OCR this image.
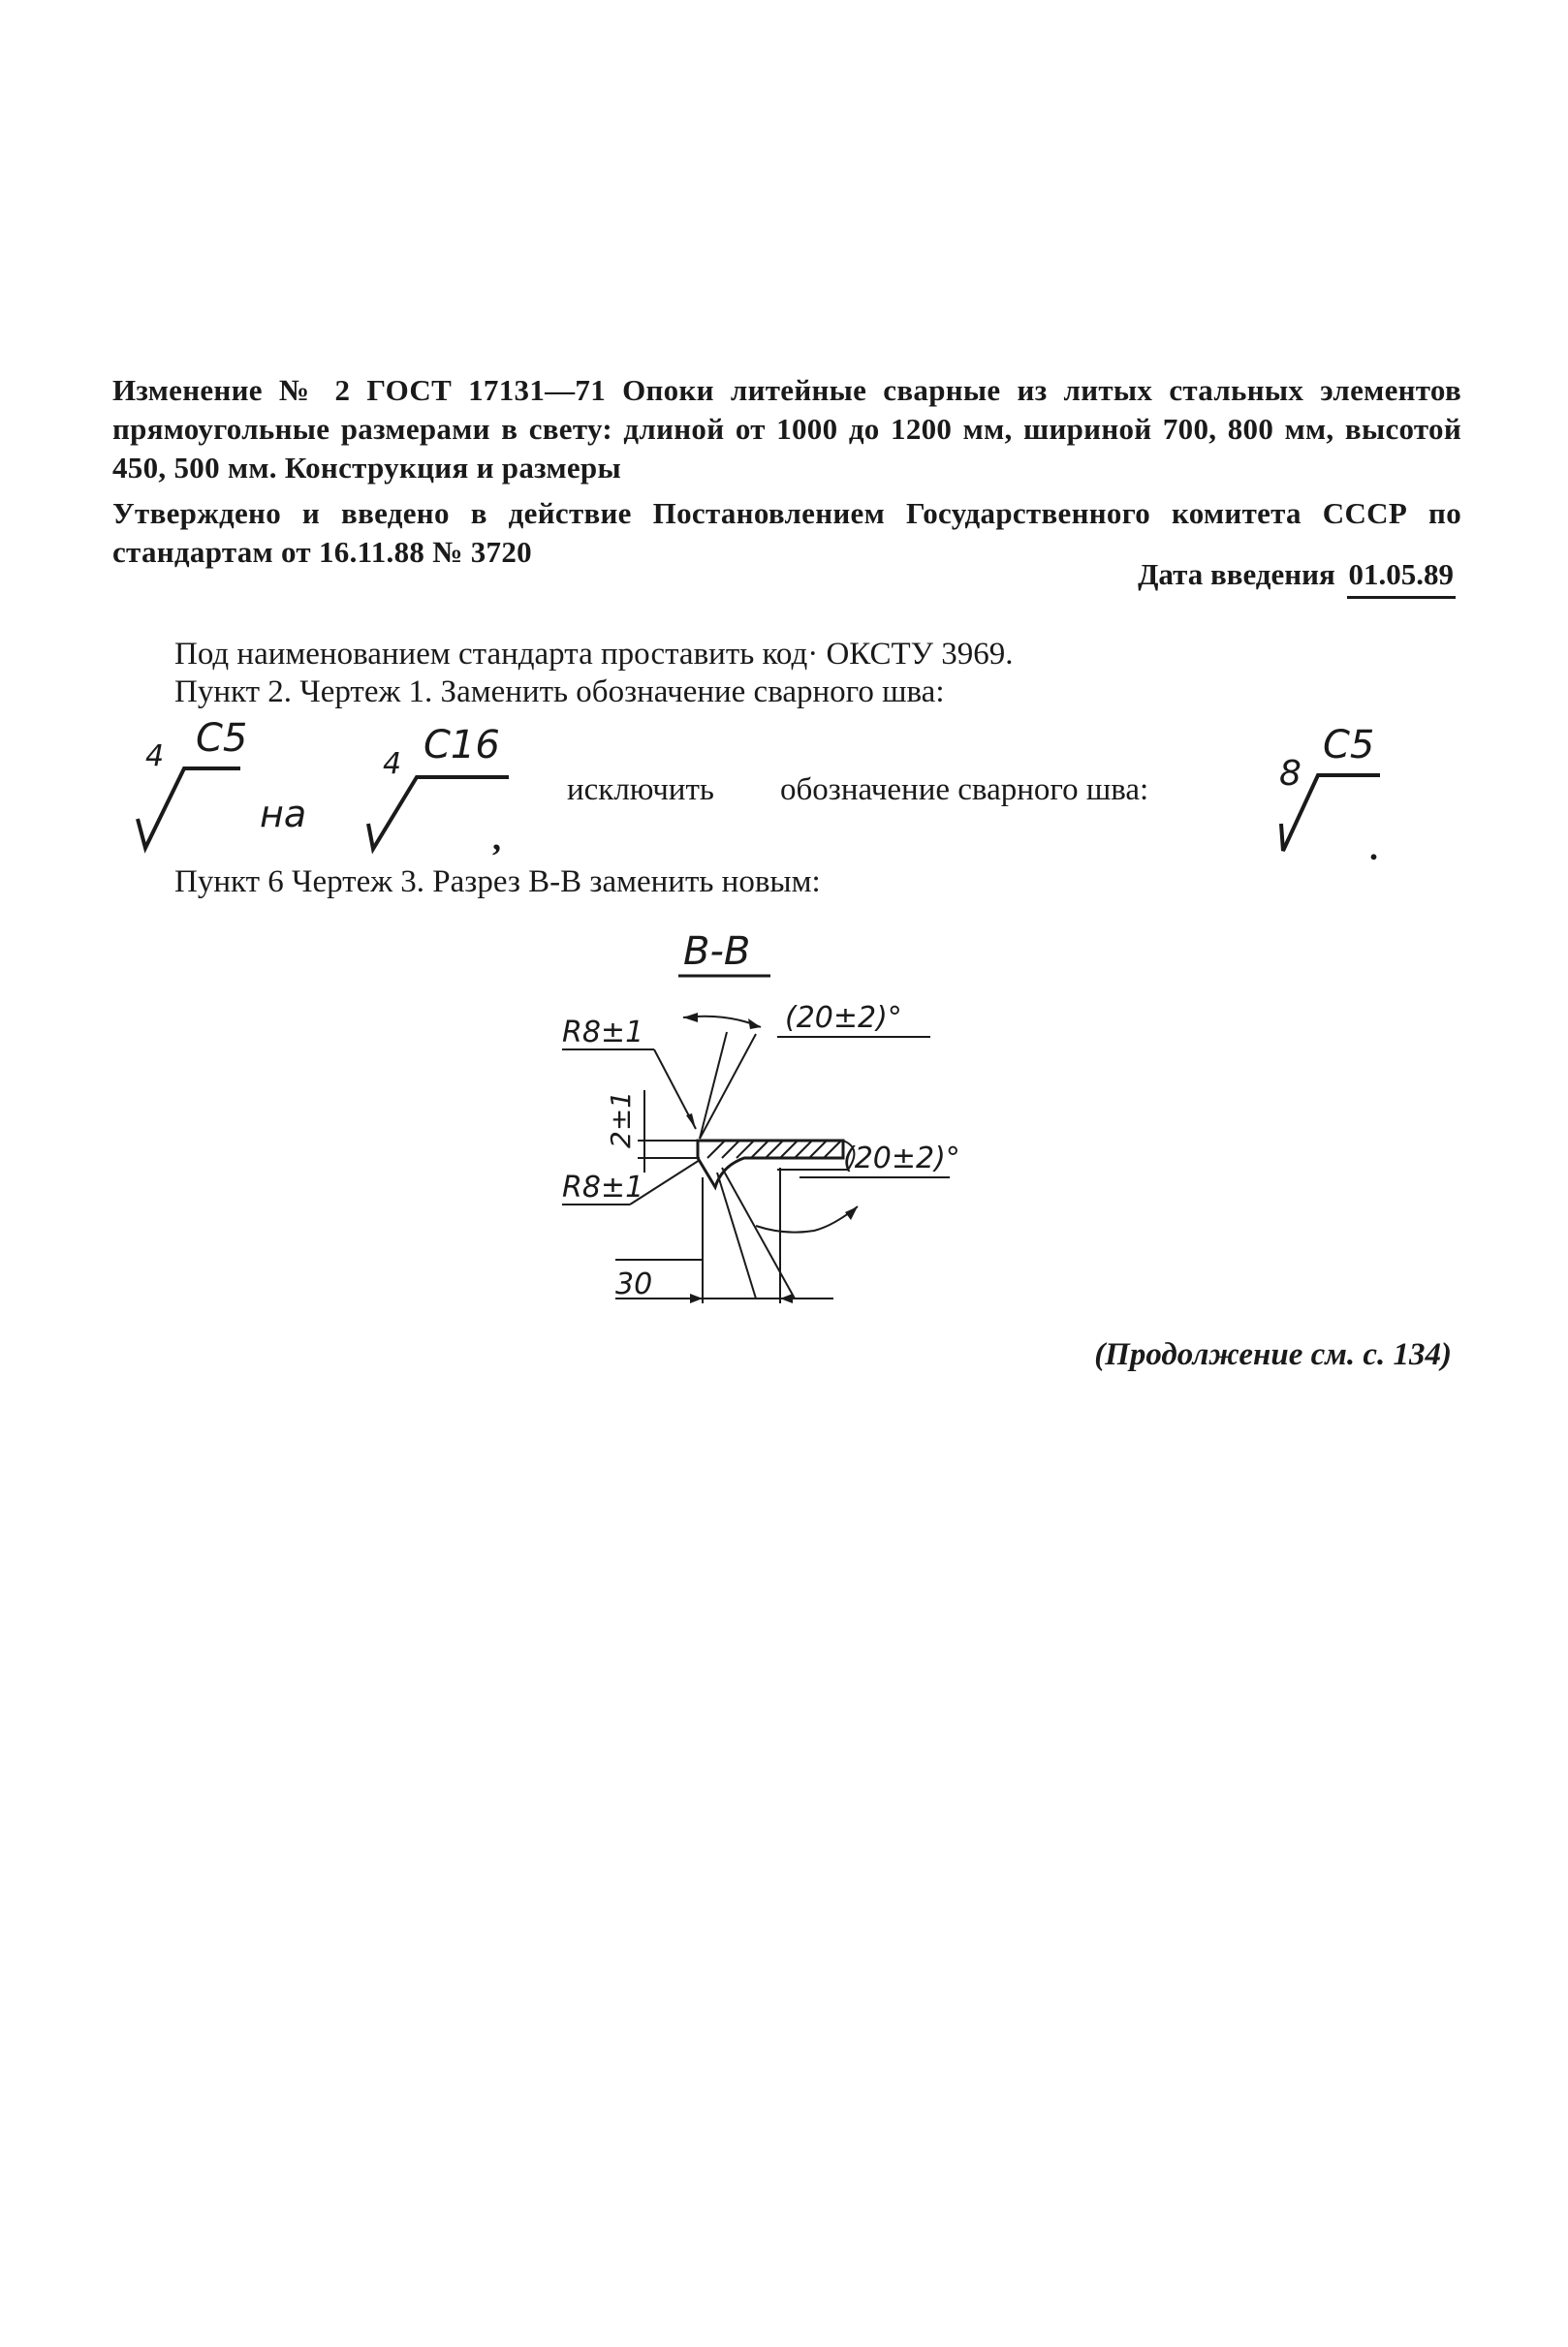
Изменение № 2 ГОСТ 17131—71 Опоки литейные сварные из литых стальных элементов прямоугольные размерами в свету: длиной от 1000 до 1200 мм, шириной 700, 800 мм, высотой 450, 500 мм. Конструкция и размеры
Утверждено и введено в действие Постановлением Государственного комитета СССР по стандартам от 16.11.88 № 3720
Дата введения 01.05.89
Под наименованием стандарта проставить код· ОКСТУ 3969.
Пункт 2. Чертеж 1. Заменить обозначение сварного шва:
4 С5
на
4 С16
,
исключить обозначение сварного шва:	8
С5
.
Пункт 6 Чертеж 3. Разрез В-В заменить новым:
В-В
R8±1	(20±2)°
2±1
R8±1
(20±2)°
30
(Продолжение см. с. 134)
